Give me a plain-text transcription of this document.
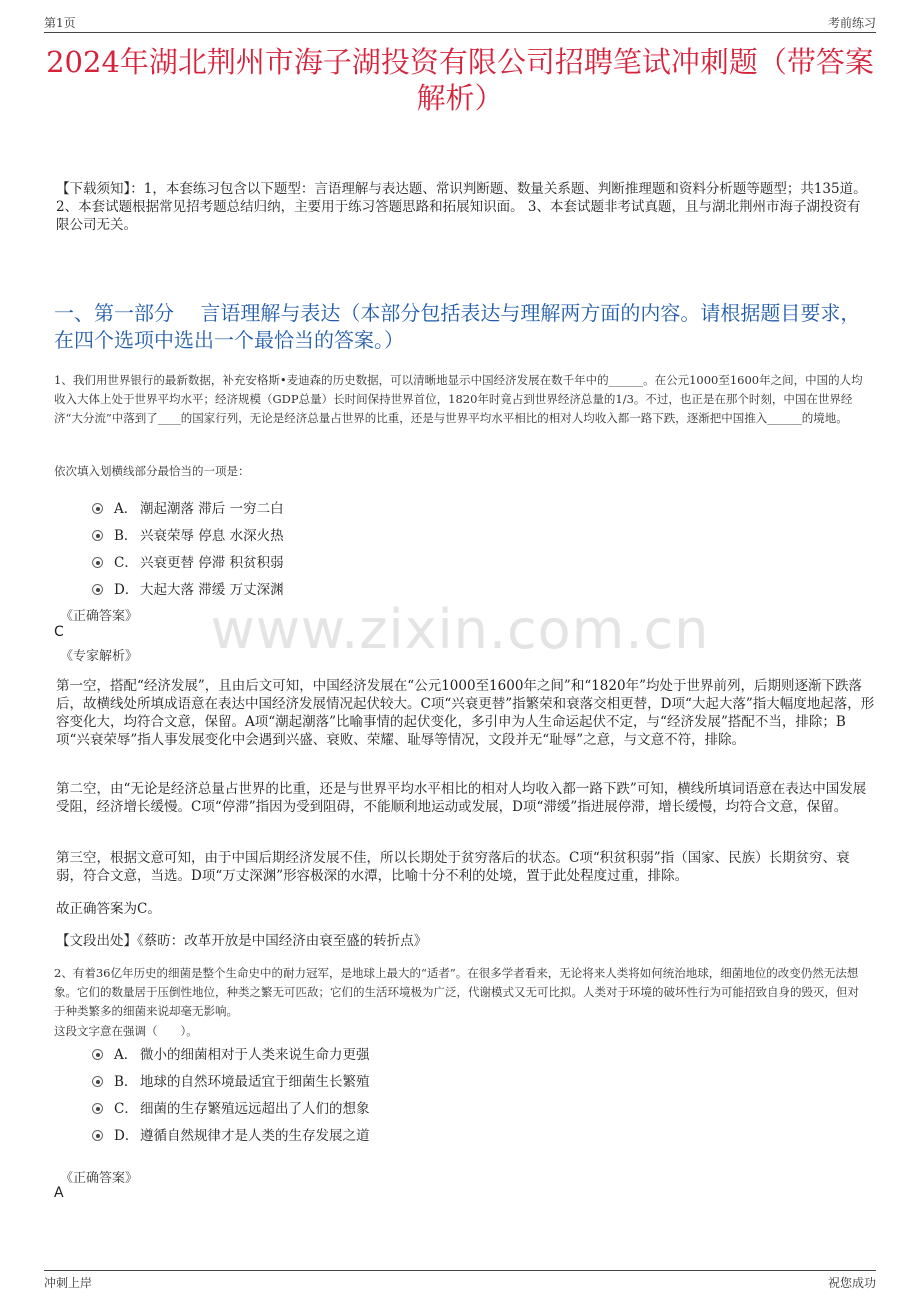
第1页	考前练习
2024年湖北荆州市海子湖投资有限公司招聘笔试冲刺题（带答案解析）
【下载须知】：1，本套练习包含以下题型：言语理解与表达题、常识判断题、数量关系题、判断推理题和资料分析题等题型；共135道。 2、本套试题根据常见招考题总结归纳，主要用于练习答题思路和拓展知识面。 3、本套试题非考试真题，且与湖北荆州市海子湖投资有限公司无关。
一、第一部分　 言语理解与表达（本部分包括表达与理解两方面的内容。请根据题目要求，在四个选项中选出一个最恰当的答案。）
1、我们用世界银行的最新数据，补充安格斯•麦迪森的历史数据，可以清晰地显示中国经济发展在数千年中的______。在公元1000至1600年之间，中国的人均收入大体上处于世界平均水平；经济规模（GDP总量）长时间保持世界首位，1820年时竟占到世界经济总量的1/3。不过，也正是在那个时刻，中国在世界经济“大分流”中落到了____的国家行列，无论是经济总量占世界的比重，还是与世界平均水平相比的相对人均收入都一路下跌，逐渐把中国推入______的境地。
依次填入划横线部分最恰当的一项是：
A． 潮起潮落 滞后 一穷二白
B． 兴衰荣辱 停息 水深火热
C． 兴衰更替 停滞 积贫积弱
D． 大起大落 滞缓 万丈深渊
www.zixin.com.cn
《正确答案》
C
《专家解析》
第一空，搭配“经济发展”，且由后文可知，中国经济发展在“公元1000至1600年之间”和“1820年”均处于世界前列，后期则逐渐下跌落后，故横线处所填成语意在表达中国经济发展情况起伏较大。C项“兴衰更替”指繁荣和衰落交相更替，D项“大起大落”指大幅度地起落，形容变化大，均符合文意，保留。A项“潮起潮落”比喻事情的起伏变化，多引申为人生命运起伏不定，与“经济发展”搭配不当，排除；B项“兴衰荣辱”指人事发展变化中会遇到兴盛、衰败、荣耀、耻辱等情况，文段并无“耻辱”之意，与文意不符，排除。
第二空，由“无论是经济总量占世界的比重，还是与世界平均水平相比的相对人均收入都一路下跌”可知，横线所填词语意在表达中国发展受阻，经济增长缓慢。C项“停滞”指因为受到阻碍，不能顺利地运动或发展，D项“滞缓”指进展停滞，增长缓慢，均符合文意，保留。
第三空，根据文意可知，由于中国后期经济发展不佳，所以长期处于贫穷落后的状态。C项“积贫积弱”指（国家、民族）长期贫穷、衰弱，符合文意，当选。D项“万丈深渊”形容极深的水潭，比喻十分不利的处境，置于此处程度过重，排除。
故正确答案为C。
【文段出处】《蔡昉：改革开放是中国经济由衰至盛的转折点》
2、有着36亿年历史的细菌是整个生命史中的耐力冠军，是地球上最大的“适者”。在很多学者看来，无论将来人类将如何统治地球，细菌地位的改变仍然无法想象。它们的数量居于压倒性地位，种类之繁无可匹敌；它们的生活环境极为广泛，代谢模式又无可比拟。人类对于环境的破坏性行为可能招致自身的毁灭，但对于种类繁多的细菌来说却毫无影响。
这段文字意在强调（　　）。
A． 微小的细菌相对于人类来说生命力更强
B． 地球的自然环境最适宜于细菌生长繁殖
C． 细菌的生存繁殖远远超出了人们的想象
D． 遵循自然规律才是人类的生存发展之道
《正确答案》
A
冲刺上岸	祝您成功
